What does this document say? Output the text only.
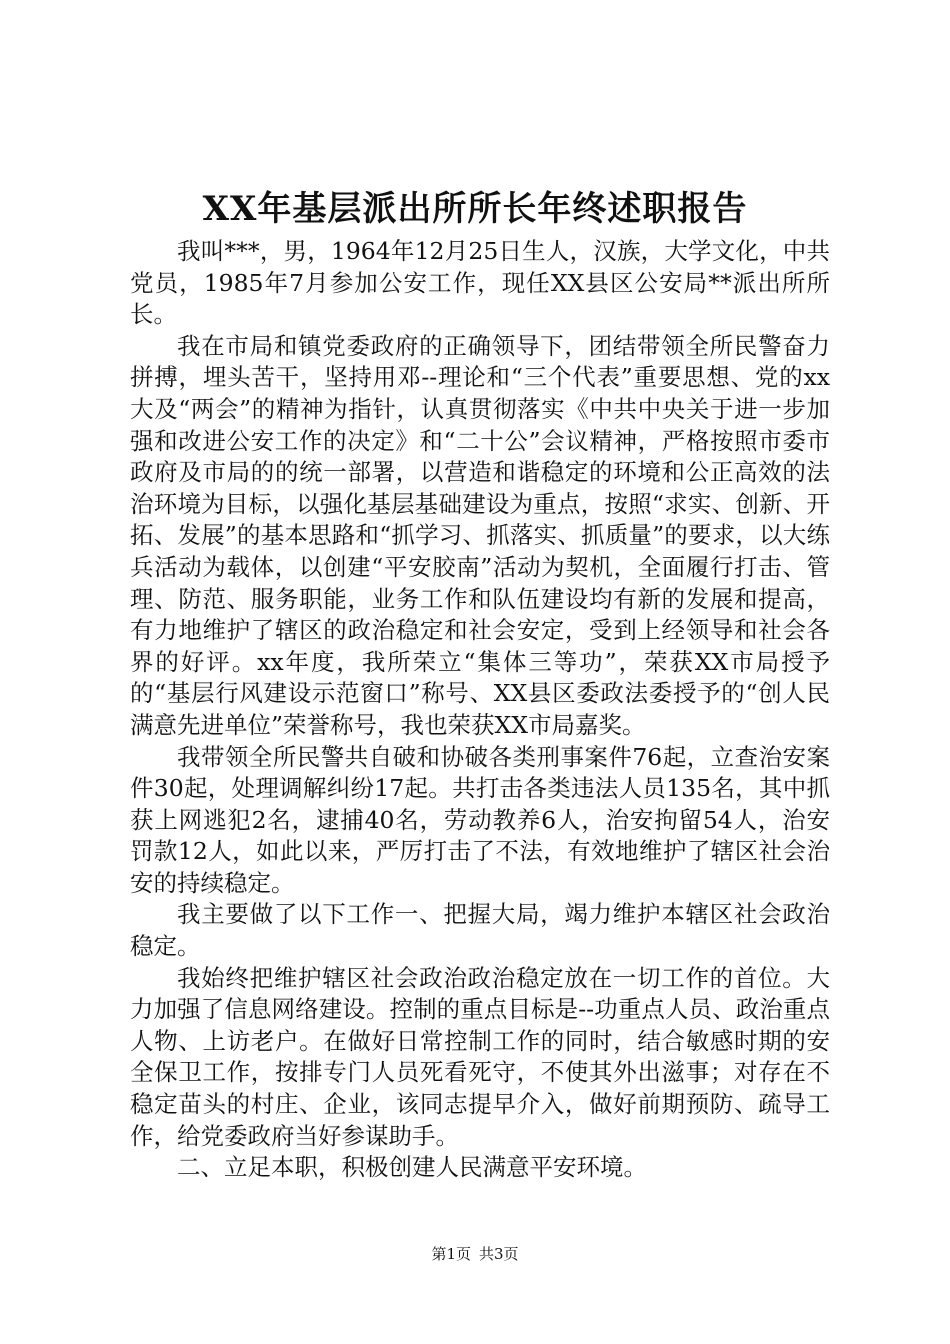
XX年基层派出所所长年终述职报告

我叫***，男，1964年12月25日生人，汉族，大学文化，中共党员，1985年7月参加公安工作，现任XX县区公安局**派出所所长。

我在市局和镇党委政府的正确领导下，团结带领全所民警奋力拼搏，埋头苦干，坚持用邓--理论和“三个代表”重要思想、党的xx大及“两会”的精神为指针，认真贯彻落实《中共中央关于进一步加强和改进公安工作的决定》和“二十公”会议精神，严格按照市委市政府及市局的的统一部署，以营造和谐稳定的环境和公正高效的法治环境为目标，以强化基层基础建设为重点，按照“求实、创新、开拓、发展”的基本思路和“抓学习、抓落实、抓质量”的要求，以大练兵活动为载体，以创建“平安胶南”活动为契机，全面履行打击、管理、防范、服务职能，业务工作和队伍建设均有新的发展和提高，有力地维护了辖区的政治稳定和社会安定，受到上经领导和社会各界的好评。xx年度，我所荣立“集体三等功”，荣获XX市局授予的“基层行风建设示范窗口”称号、XX县区委政法委授予的“创人民满意先进单位”荣誉称号，我也荣获XX市局嘉奖。

我带领全所民警共自破和协破各类刑事案件76起，立查治安案件30起，处理调解纠纷17起。共打击各类违法人员135名，其中抓获上网逃犯2名，逮捕40名，劳动教养6人，治安拘留54人，治安罚款12人，如此以来，严厉打击了不法，有效地维护了辖区社会治安的持续稳定。

我主要做了以下工作一、把握大局，竭力维护本辖区社会政治稳定。

我始终把维护辖区社会政治政治稳定放在一切工作的首位。大力加强了信息网络建设。控制的重点目标是--功重点人员、政治重点人物、上访老户。在做好日常控制工作的同时，结合敏感时期的安全保卫工作，按排专门人员死看死守，不使其外出滋事；对存在不稳定苗头的村庄、企业，该同志提早介入，做好前期预防、疏导工作，给党委政府当好参谋助手。

二、立足本职，积极创建人民满意平安环境。

第1页 共3页
